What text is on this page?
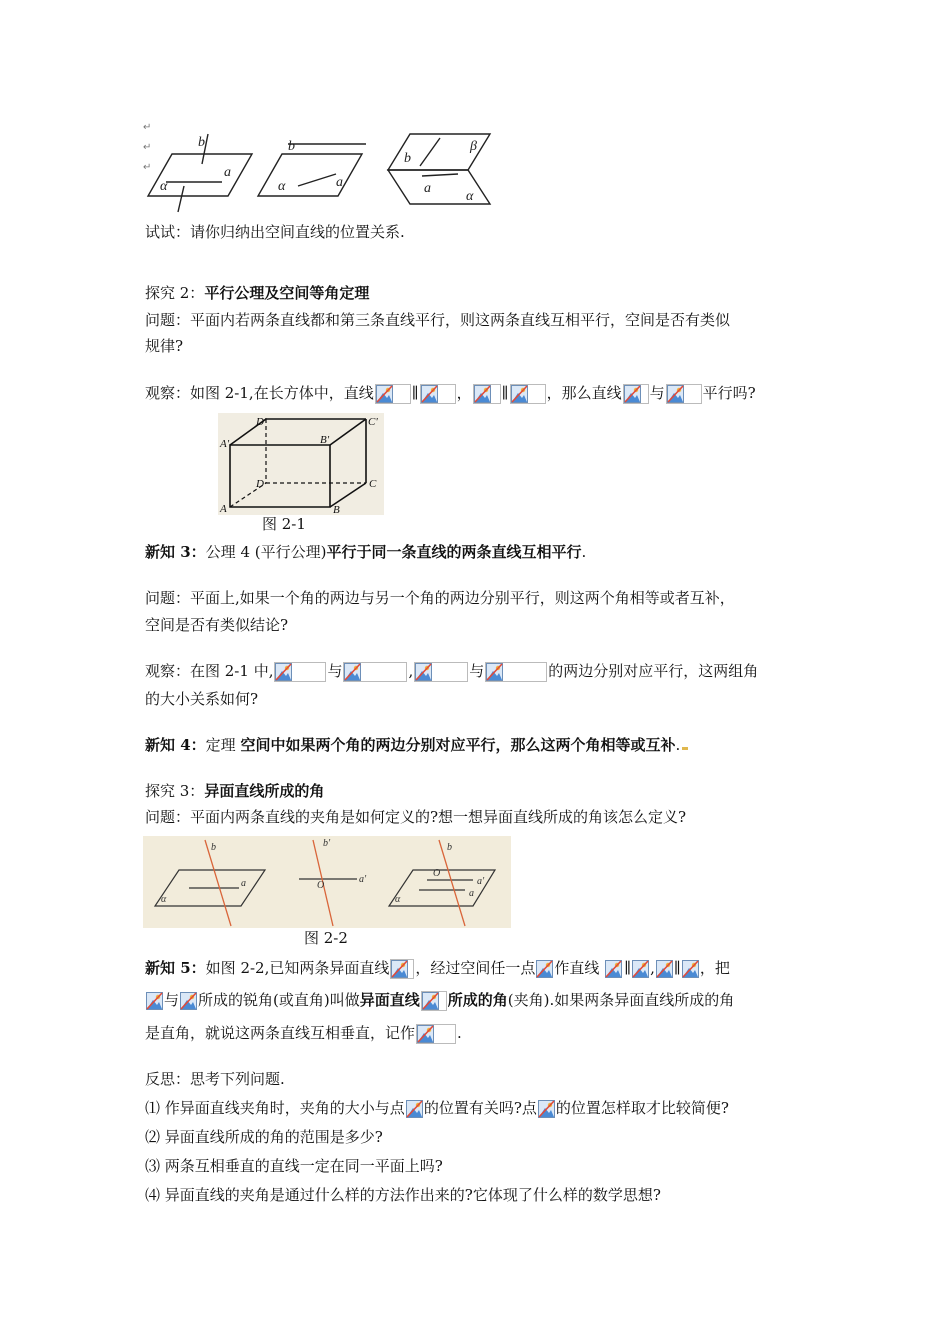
↵
↵
↵
b
a
α
b
a
α
b
β
a
α
试试：请你归纳出空间直线的位置关系.
探究 2：平行公理及空间等角定理
问题：平面内若两条直线都和第三条直线平行，则这两条直线互相平行，空间是否有类似
规律?
观察：如图 2-1,在长方体中，直线	∥	， ∥	，那么直线 与	平行吗?
D'	C'
A'	B'
D	C
A	B
图 2-1
新知 3：公理 4 (平行公理)平行于同一条直线的两条直线互相平行.
问题：平面上,如果一个角的两边与另一个角的两边分别平行，则这两个角相等或者互补，
空间是否有类似结论?
观察：在图 2-1 中,	与	,	与	的两边分别对应平行，这两组角
的大小关系如何?
新知 4：定理 空间中如果两个角的两边分别对应平行，那么这两个角相等或互补.
探究 3：异面直线所成的角
问题：平面内两条直线的夹角是如何定义的?想一想异面直线所成的角该怎么定义?
b
a
α
b'
O
a'
b
O
a'
a
α
图 2-2
新知 5：如图 2-2,已知两条异面直线 ，经过空间任一点 作直线 ∥ , ∥ ，把
与 所成的锐角(或直角)叫做异面直线 所成的角(夹角).如果两条异面直线所成的角
是直角，就说这两条直线互相垂直，记作	.
反思：思考下列问题.
⑴ 作异面直线夹角时，夹角的大小与点 的位置有关吗?点 的位置怎样取才比较简便?
⑵ 异面直线所成的角的范围是多少?
⑶ 两条互相垂直的直线一定在同一平面上吗?
⑷ 异面直线的夹角是通过什么样的方法作出来的?它体现了什么样的数学思想?
